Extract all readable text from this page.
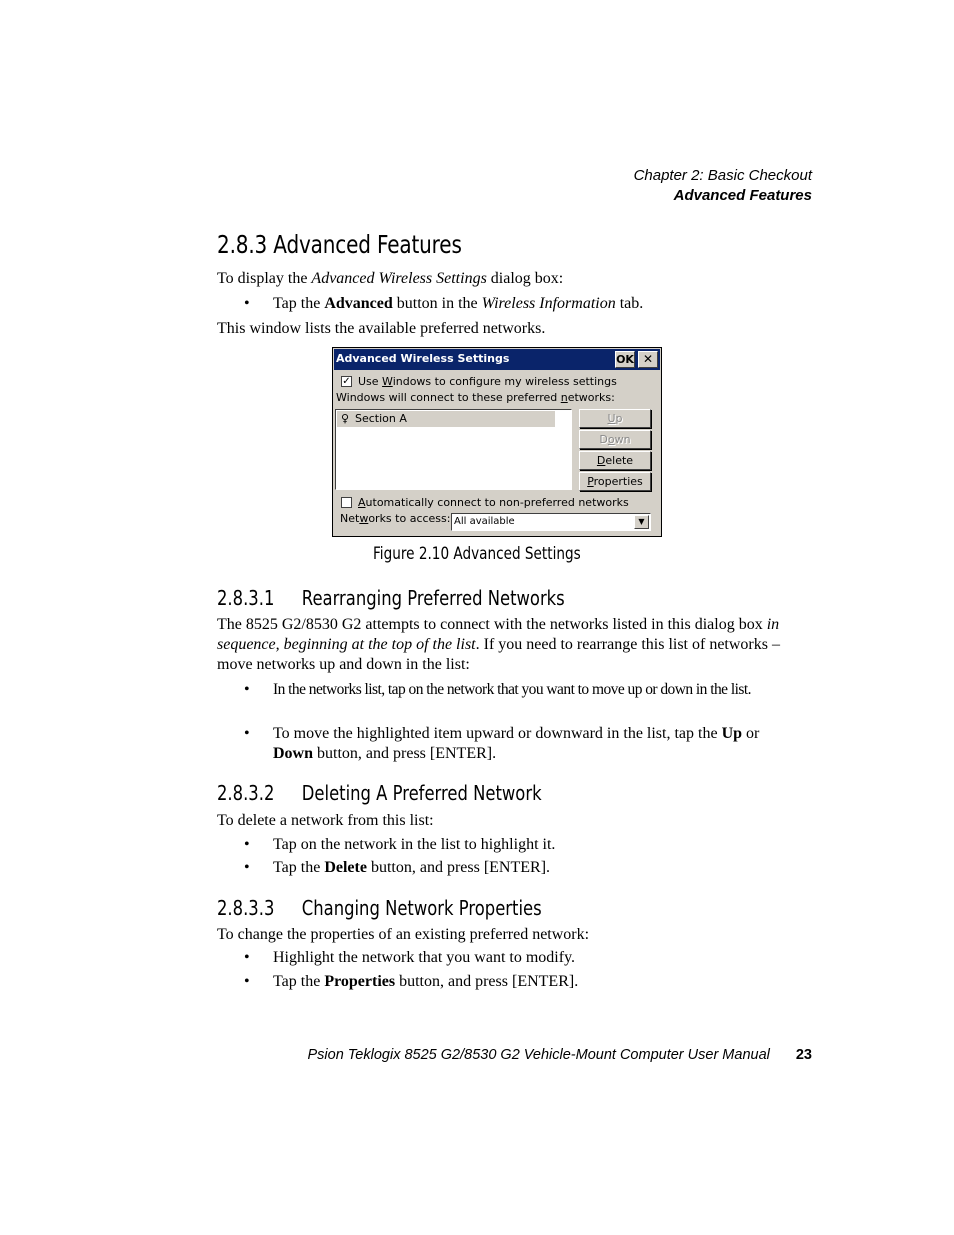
Chapter 2: Basic Checkout
Advanced Features
2.8.3 Advanced Features

To display the Advanced Wireless Settings dialog box:

• Tap the Advanced button in the Wireless Information tab.

This window lists the available preferred networks.

Advanced Wireless Settings	OK ✕
✓ Use Windows to configure my wireless settings
Windows will connect to these preferred networks:
♀ Section A	Up
Down
Delete
Properties
Automatically connect to non-preferred networks
Networks to access: All available	▼
Figure 2.10 Advanced Settings
2.8.3.1 Rearranging Preferred Networks

The 8525 G2/8530 G2 attempts to connect with the networks listed in this dialog box in sequence, beginning at the top of the list. If you need to rearrange this list of networks – move networks up and down in the list:

• In the networks list, tap on the network that you want to move up or down in the list.
• To move the highlighted item upward or downward in the list, tap the Up or Down button, and press [ENTER].
2.8.3.2 Deleting A Preferred Network

To delete a network from this list:

• Tap on the network in the list to highlight it.
• Tap the Delete button, and press [ENTER].
2.8.3.3 Changing Network Properties

To change the properties of an existing preferred network:

• Highlight the network that you want to modify.
• Tap the Properties button, and press [ENTER].
Psion Teklogix 8525 G2/8530 G2 Vehicle-Mount Computer User Manual 23
